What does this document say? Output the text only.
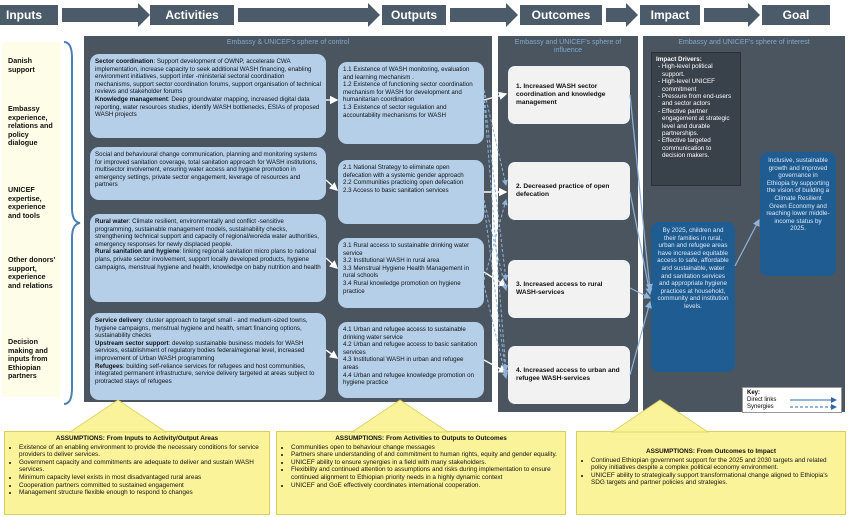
Inputs	Activities	Outputs	Outcomes	Impact	Goal
Danish support
Embassy experience, relations and policy dialogue
UNICEF expertise, experience and tools
Other donors' support, experience and relations
Decision making and inputs from Ethiopian partners
Embassy & UNICEF's sphere of control
Sector coordination: Support development of OWNP, accelerate CWA implementation, increase capacity to seek additional WASH financing, enabling environment initiatives, support inter -ministerial sectoral coordination mechanisms, support sector coordination forums, support organisation of technical reviews and stakeholder forums
Knowledge management: Deep groundwater mapping, increased digital data reporting, water resources studies, identify WASH bottlenecks, ESIAs of proposed WASH projects
Social and behavioural change communication, planning and monitoring systems for improved sanitation coverage, total sanitation approach for WASH institutions, multisector involvement, ensuring water access and hygiene promotion in emergency settings, private sector engagement, leverage of resources and partners
Rural water: Climate resilient, environmentally and conflict -sensitive programming, sustainable management models, sustainability checks, strengthening technical support and capacity of regional/woreda water authorities, emergency responses for newly displaced people.
Rural sanitation and hygiene: linking regional sanitation micro plans to national plans, private sector involvement, support locally developed products, hygiene campaigns, menstrual hygiene and health, knowledge on baby nutrition and health
Service delivery: cluster approach to target small - and medium-sized towns, hygiene campaigns, menstrual hygiene and health, smart financing options, sustainability checks
Upstream sector support: develop sustainable business models for WASH services, establishment of regulatory bodies federal/regional level, increased improvement of Urban WASH programming
Refugees: building self-reliance services for refugees and host communities, integrated permanent infrastructure, service delivery targeted at areas subject to protracted stays of refugees
1.1 Existence of WASH monitoring, evaluation and learning mechanism .
1.2 Existence of functioning sector coordination mechanism for WASH for development and humanitarian coordination
1.3 Existence of sector regulation and accountability mechanisms for WASH
2.1 National Strategy to eliminate open defecation with a systemic gender approach
2.2 Communities practicing open defecation
2.3 Access to basic sanitation services
3.1 Rural access to sustainable drinking water service
3.2 Institutional WASH in rural area
3.3 Menstrual Hygiene Health Management in rural schools
3.4 Rural knowledge promotion on hygiene practice
4.1 Urban and refugee access to sustainable drinking water service
4.2 Urban and refugee access to basic sanitation services
4.3 Institutional WASH in urban and refugee areas
4.4 Urban and refugee knowledge promotion on hygiene practice
Embassy and UNICEF's sphere of influence
1. Increased WASH sector coordination and knowledge management
2. Decreased practice of open defecation
3. Increased access to rural WASH-services
4. Increased access to urban and refugee WASH-services
Embassy and UNICEF's sphere of interest
Impact Drivers:
- High-level political support.
- High-level UNICEF commitment
- Pressure from end-users and sector actors
- Effective partner engagement at strategic level and durable partnerships.
- Effective targeted communication to decision makers.
By 2025, children and their families in rural, urban and refugee areas have increased equitable access to safe, affordable and sustainable, water and sanitation services and appropriate hygiene practices at household, community and institution levels.
Inclusive, sustainable growth and improved governance in Ethiopia by supporting the vision of building a Climate Resilient Green Economy and reaching lower middle-income status by 2025.
Key:
Direct links
Synergies
ASSUMPTIONS: From Inputs to Activity/Output Areas
• Existence of an enabling environment to provide the necessary conditions for service providers to deliver services.
• Government capacity and commitments are adequate to deliver and sustain WASH services.
• Minimum capacity level exists in most disadvantaged rural areas
• Cooperation partners committed to sustained engagement
• Management structure flexible enough to respond to changes
ASSUMPTIONS: From Activities to Outputs to Outcomes
• Communities open to behaviour change messages
• Partners share understanding of and commitment to human rights, equity and gender equality.
• UNICEF ability to ensure synergies in a field with many stakeholders.
• Flexibility and continued attention to assumptions and risks during implementation to ensure continued alignment to Ethiopian priority needs in a highly dynamic context
• UNICEF and GoE effectively coordinates international cooperation.
ASSUMPTIONS: From Outcomes to Impact
• Continued Ethiopian government support for the 2025 and 2030 targets and related policy initiatives despite a complex political economy environment.
• UNICEF ability to strategically support transformational change aligned to Ethiopia's SDG targets and partner policies and strategies.
